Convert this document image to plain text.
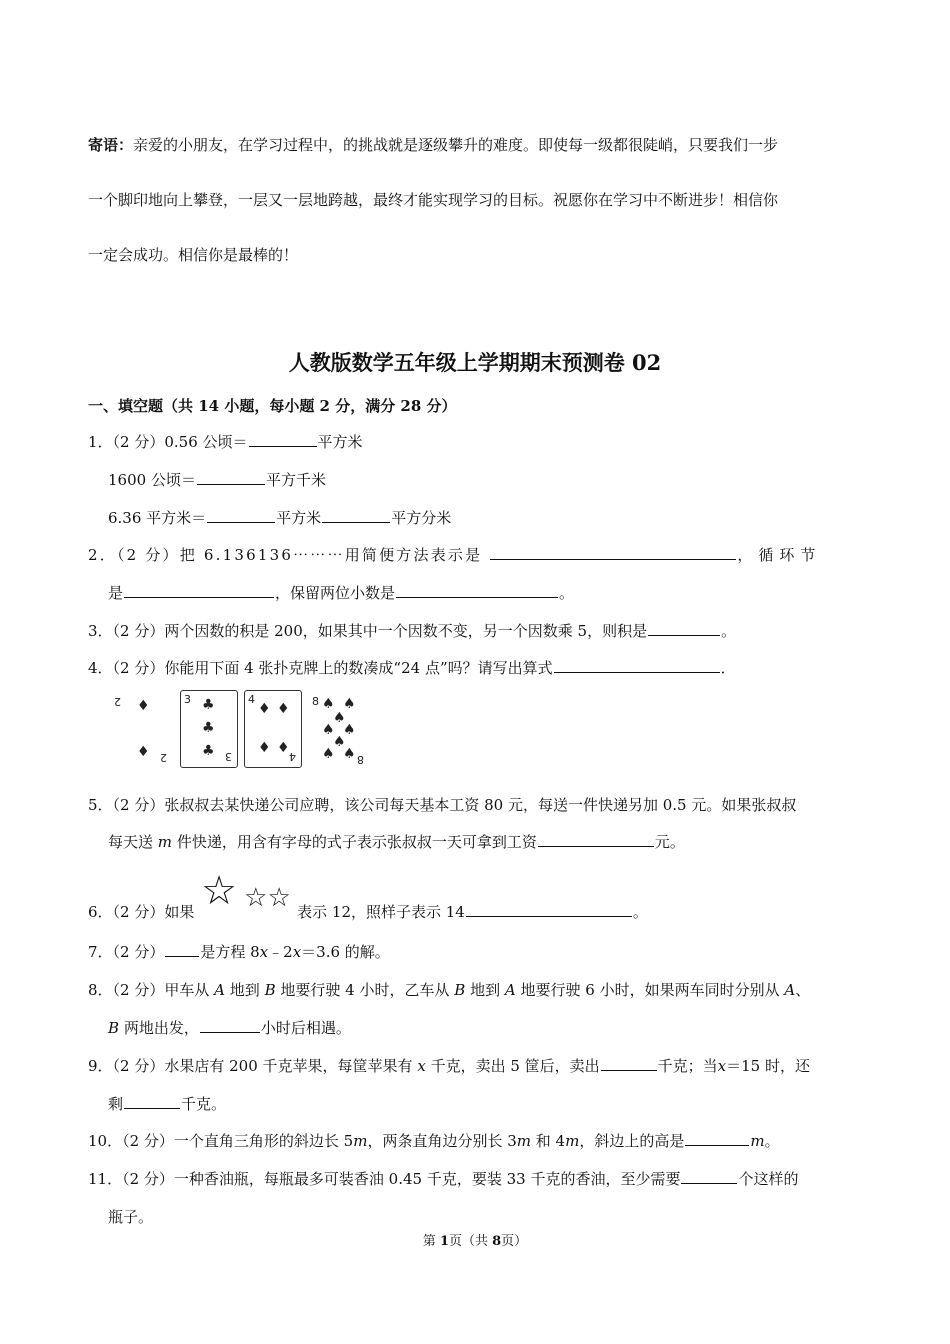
寄语：亲爱的小朋友，在学习过程中，的挑战就是逐级攀升的难度。即使每一级都很陡峭，只要我们一步
一个脚印地向上攀登，一层又一层地跨越，最终才能实现学习的目标。祝愿你在学习中不断进步！相信你
一定会成功。相信你是最棒的！
人教版数学五年级上学期期末预测卷 02
一、填空题（共 14 小题，每小题 2 分，满分 28 分）
1．（2 分）0.56 公顷＝	平方米
1600 公顷＝	平方千米
6.36 平方米＝	平方米	平方分米
2．（2 分）把 6.136136⋯⋯⋯用简便方法表示是	，循环节
是	，保留两位小数是	。
3．（2 分）两个因数的积是 200，如果其中一个因数不变，另一个因数乘 5，则积是	。
4．（2 分）你能用下面 4 张扑克牌上的数凑成“24 点”吗？请写出算式	．
2 ♦
♦ 2
3 ♣
♣
♣ 3
4
♦ ♦
♦ ♦
4
8 ♠ ♠
♠
♠ ♠
♠
♠ ♠ 8
5．（2 分）张叔叔去某快递公司应聘，该公司每天基本工资 80 元，每送一件快递另加 0.5 元。如果张叔叔
每天送 m 件快递，用含有字母的式子表示张叔叔一天可拿到工资	元。
6．（2 分）如果 ☆ ☆☆ 表示 12，照样子表示 14	。
7．（2 分） 是方程 8x﹣2x＝3.6 的解。
8．（2 分）甲车从 A 地到 B 地要行驶 4 小时，乙车从 B 地到 A 地要行驶 6 小时，如果两车同时分别从 A、
B 两地出发，	小时后相遇。
9．（2 分）水果店有 200 千克苹果，每筐苹果有 x 千克，卖出 5 筐后，卖出	千克；当x＝15 时，还
剩	千克。
10．（2 分）一个直角三角形的斜边长 5m，两条直角边分别长 3m 和 4m，斜边上的高是	m。
11．（2 分）一种香油瓶，每瓶最多可装香油 0.45 千克，要装 33 千克的香油，至少需要	个这样的
瓶子。
第 1页（共 8页）
